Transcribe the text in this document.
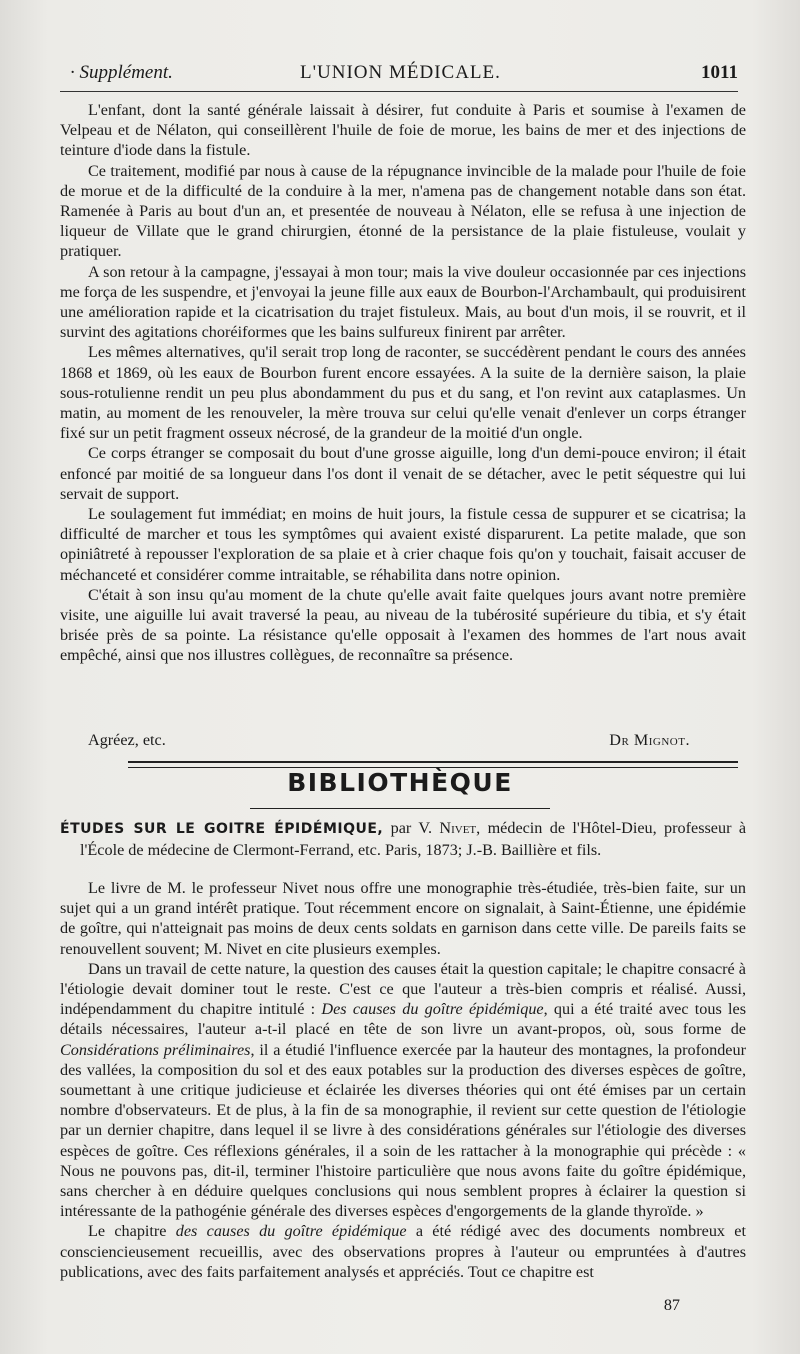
· Supplément.	L'UNION MÉDICALE.	1011

L'enfant, dont la santé générale laissait à désirer, fut conduite à Paris et soumise à l'examen de Velpeau et de Nélaton, qui conseillèrent l'huile de foie de morue, les bains de mer et des injections de teinture d'iode dans la fistule.

Ce traitement, modifié par nous à cause de la répugnance invincible de la malade pour l'huile de foie de morue et de la difficulté de la conduire à la mer, n'amena pas de changement notable dans son état. Ramenée à Paris au bout d'un an, et presentée de nouveau à Nélaton, elle se refusa à une injection de liqueur de Villate que le grand chirurgien, étonné de la persistance de la plaie fistuleuse, voulait y pratiquer.

A son retour à la campagne, j'essayai à mon tour; mais la vive douleur occasionnée par ces injections me força de les suspendre, et j'envoyai la jeune fille aux eaux de Bourbon-l'Archambault, qui produisirent une amélioration rapide et la cicatrisation du trajet fistuleux. Mais, au bout d'un mois, il se rouvrit, et il survint des agitations choréiformes que les bains sulfureux finirent par arrêter.

Les mêmes alternatives, qu'il serait trop long de raconter, se succédèrent pendant le cours des années 1868 et 1869, où les eaux de Bourbon furent encore essayées. A la suite de la dernière saison, la plaie sous-rotulienne rendit un peu plus abondamment du pus et du sang, et l'on revint aux cataplasmes. Un matin, au moment de les renouveler, la mère trouva sur celui qu'elle venait d'enlever un corps étranger fixé sur un petit fragment osseux nécrosé, de la grandeur de la moitié d'un ongle.

Ce corps étranger se composait du bout d'une grosse aiguille, long d'un demi-pouce environ; il était enfoncé par moitié de sa longueur dans l'os dont il venait de se détacher, avec le petit séquestre qui lui servait de support.

Le soulagement fut immédiat; en moins de huit jours, la fistule cessa de suppurer et se cicatrisa; la difficulté de marcher et tous les symptômes qui avaient existé disparurent. La petite malade, que son opiniâtreté à repousser l'exploration de sa plaie et à crier chaque fois qu'on y touchait, faisait accuser de méchanceté et considérer comme intraitable, se réhabilita dans notre opinion.

C'était à son insu qu'au moment de la chute qu'elle avait faite quelques jours avant notre première visite, une aiguille lui avait traversé la peau, au niveau de la tubérosité supérieure du tibia, et s'y était brisée près de sa pointe. La résistance qu'elle opposait à l'examen des hommes de l'art nous avait empêché, ainsi que nos illustres collègues, de reconnaître sa présence.

Agréez, etc.	Dr Mignot.
BIBLIOTHÈQUE
ÉTUDES SUR LE GOITRE ÉPIDÉMIQUE, par V. Nivet, médecin de l'Hôtel-Dieu, professeur à l'École de médecine de Clermont-Ferrand, etc. Paris, 1873; J.-B. Baillière et fils.

Le livre de M. le professeur Nivet nous offre une monographie très-étudiée, très-bien faite, sur un sujet qui a un grand intérêt pratique. Tout récemment encore on signalait, à Saint-Étienne, une épidémie de goître, qui n'atteignait pas moins de deux cents soldats en garnison dans cette ville. De pareils faits se renouvellent souvent; M. Nivet en cite plusieurs exemples.

Dans un travail de cette nature, la question des causes était la question capitale; le chapitre consacré à l'étiologie devait dominer tout le reste. C'est ce que l'auteur a très-bien compris et réalisé. Aussi, indépendamment du chapitre intitulé : Des causes du goître épidémique, qui a été traité avec tous les détails nécessaires, l'auteur a-t-il placé en tête de son livre un avant-propos, où, sous forme de Considérations préliminaires, il a étudié l'influence exercée par la hauteur des montagnes, la profondeur des vallées, la composition du sol et des eaux potables sur la production des diverses espèces de goître, soumettant à une critique judicieuse et éclairée les diverses théories qui ont été émises par un certain nombre d'observateurs. Et de plus, à la fin de sa monographie, il revient sur cette question de l'étiologie par un dernier chapitre, dans lequel il se livre à des considérations générales sur l'étiologie des diverses espèces de goître. Ces réflexions générales, il a soin de les rattacher à la monographie qui précède : « Nous ne pouvons pas, dit-il, terminer l'histoire particulière que nous avons faite du goître épidémique, sans chercher à en déduire quelques conclusions qui nous semblent propres à éclairer la question si intéressante de la pathogénie générale des diverses espèces d'engorgements de la glande thyroïde. »

Le chapitre des causes du goître épidémique a été rédigé avec des documents nombreux et consciencieusement recueillis, avec des observations propres à l'auteur ou empruntées à d'autres publications, avec des faits parfaitement analysés et appréciés. Tout ce chapitre est

87
